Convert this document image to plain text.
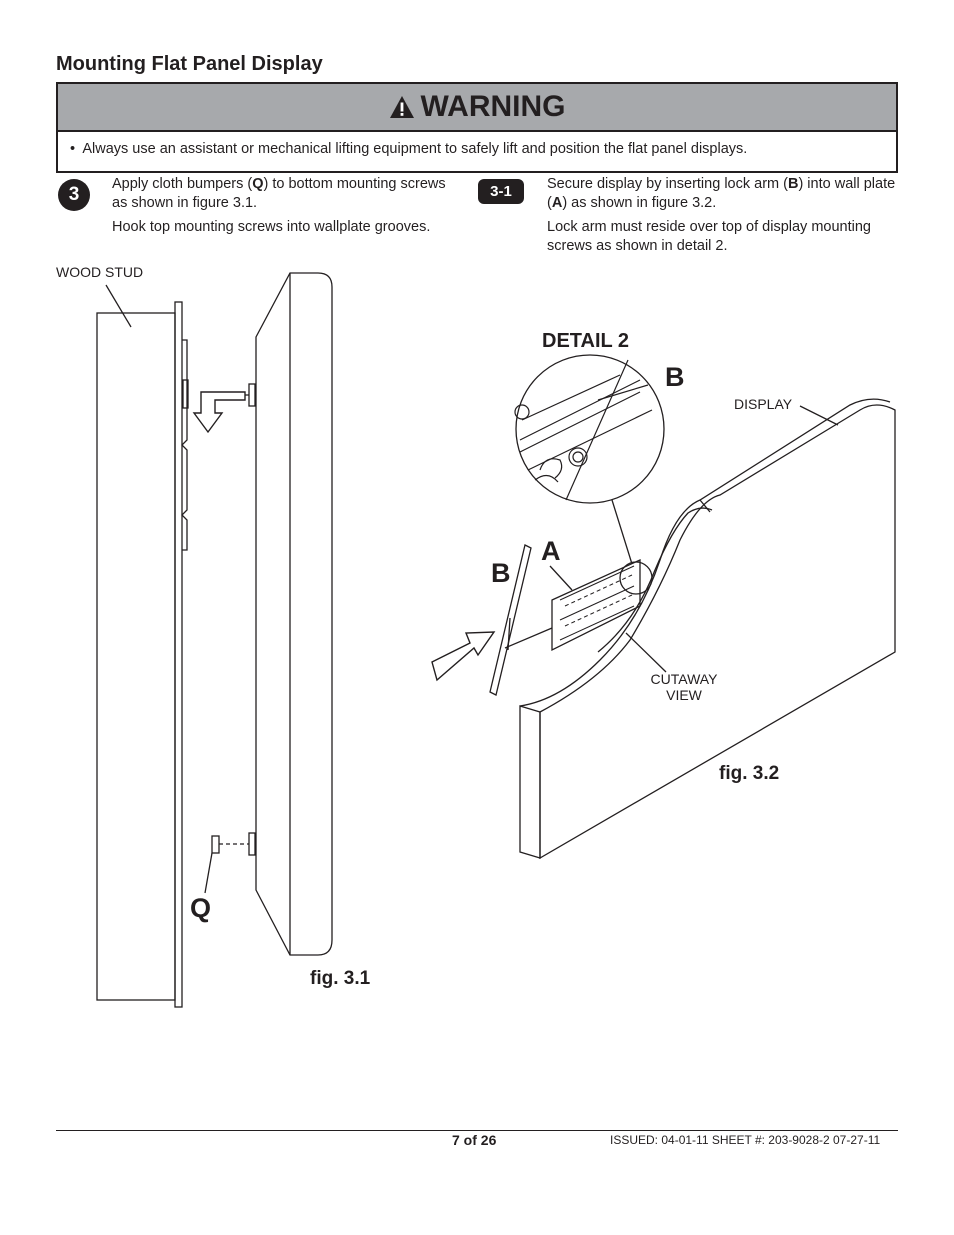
Mounting Flat Panel Display
WARNING
• Always use an assistant or mechanical lifting equipment to safely lift and position the flat panel displays.
3	Apply cloth bumpers (Q) to bottom mounting screws as shown in figure 3.1.

Hook top mounting screws into wallplate grooves.

3-1	Secure display by inserting lock arm (B) into wall plate (A) as shown in figure 3.2.

Lock arm must reside over top of display mounting screws as shown in detail 2.

WOOD STUD
Q
fig. 3.1
DETAIL 2
B
DISPLAY
A
B
CUTAWAY
VIEW
fig. 3.2
7 of 26	ISSUED: 04-01-11 SHEET #: 203-9028-2 07-27-11
